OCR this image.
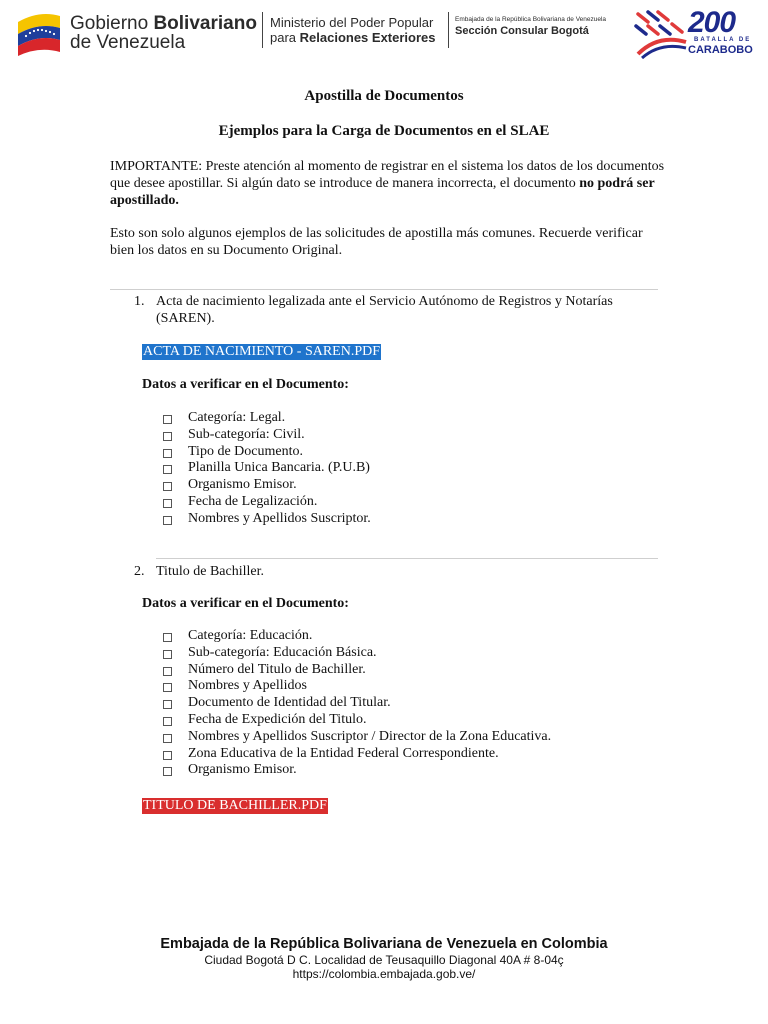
Gobierno Bolivariano
de Venezuela
Ministerio del Poder Popular
para Relaciones Exteriores
Embajada de la República Bolivariana de Venezuela
Sección Consular Bogotá	200
BATALLA DE
CARABOBO
Apostilla de Documentos
Ejemplos para la Carga de Documentos en el SLAE
IMPORTANTE: Preste atención al momento de registrar en el sistema los datos de los documentos que desee apostillar. Si algún dato se introduce de manera incorrecta, el documento no podrá ser apostillado.
Esto son solo algunos ejemplos de las solicitudes de apostilla más comunes. Recuerde verificar bien los datos en su Documento Original.
1. Acta de nacimiento legalizada ante el Servicio Autónomo de Registros y Notarías (SAREN).
ACTA DE NACIMIENTO - SAREN.PDF
Datos a verificar en el Documento:
Categoría: Legal.
Sub-categoría: Civil.
Tipo de Documento.
Planilla Unica Bancaria. (P.U.B)
Organismo Emisor.
Fecha de Legalización.
Nombres y Apellidos Suscriptor.
2. Titulo de Bachiller.
Datos a verificar en el Documento:
Categoría: Educación.
Sub-categoría: Educación Básica.
Número del Titulo de Bachiller.
Nombres y Apellidos
Documento de Identidad del Titular.
Fecha de Expedición del Titulo.
Nombres y Apellidos Suscriptor / Director de la Zona Educativa.
Zona Educativa de la Entidad Federal Correspondiente.
Organismo Emisor.
TITULO DE BACHILLER.PDF
Embajada de la República Bolivariana de Venezuela en Colombia
Ciudad Bogotá D C. Localidad de Teusaquillo Diagonal 40A # 8-04ç
https://colombia.embajada.gob.ve/
